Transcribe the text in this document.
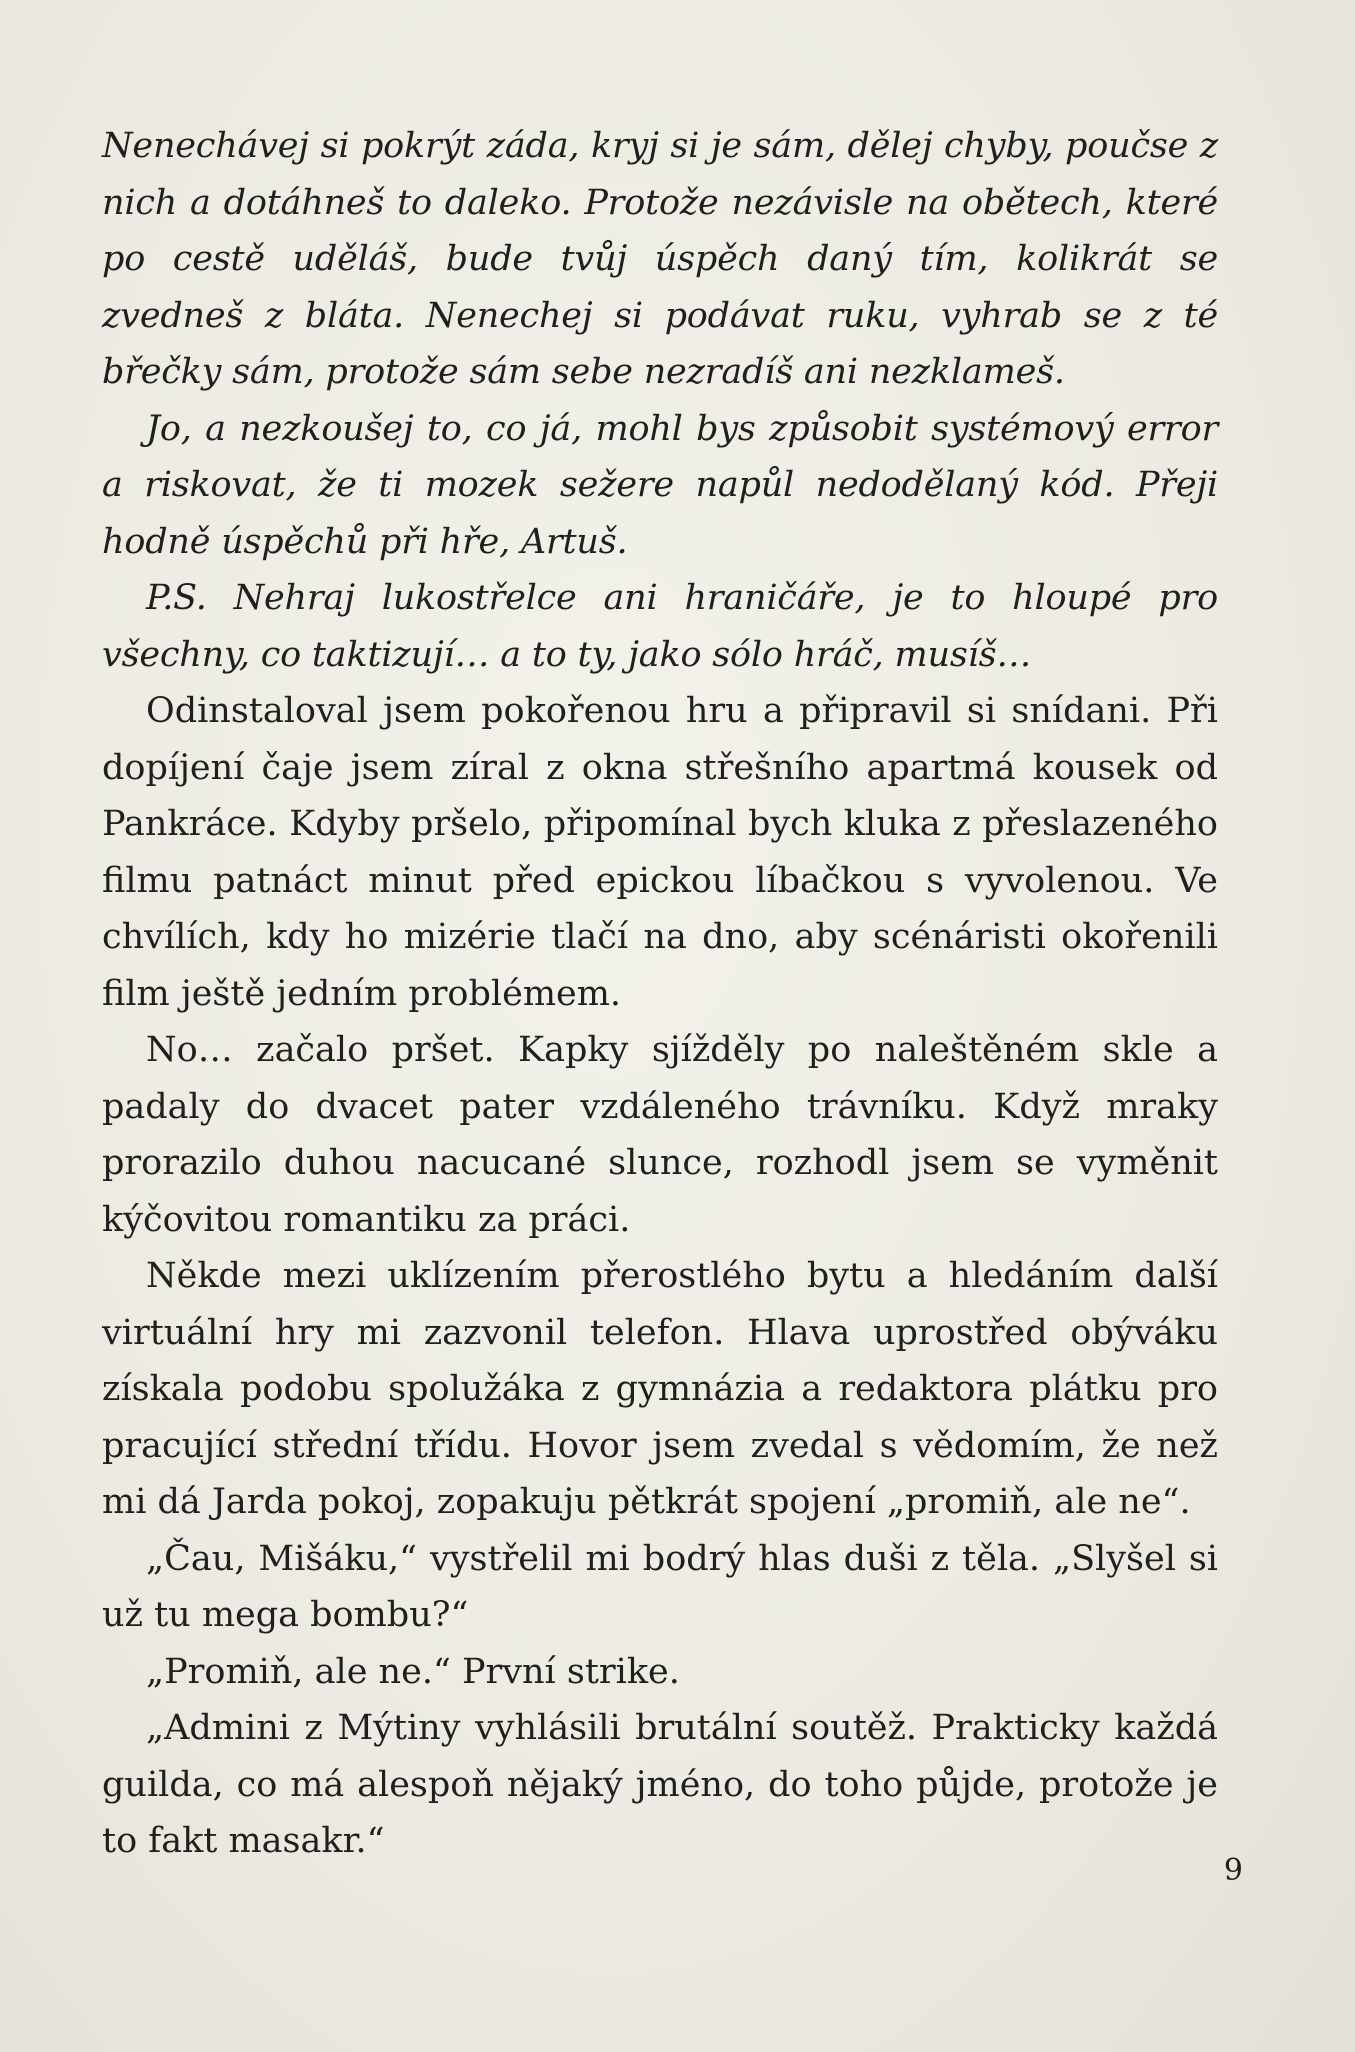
Nenechávej si pokrýt záda, kryj si je sám, dělej chyby, poučse z nich a dotáhneš to daleko. Protože nezávisle na obětech, které po cestě uděláš, bude tvůj úspěch daný tím, kolikrát se zvedneš z bláta. Nenechej si podávat ruku, vyhrab se z té břečky sám, protože sám sebe nezradíš ani nezklameš.

Jo, a nezkoušej to, co já, mohl bys způsobit systémový error a riskovat, že ti mozek sežere napůl nedodělaný kód. Přeji hodně úspěchů při hře, Artuš.

P.S. Nehraj lukostřelce ani hraničáře, je to hloupé pro všechny, co taktizují… a to ty, jako sólo hráč, musíš…

Odinstaloval jsem pokořenou hru a připravil si snídani. Při dopíjení čaje jsem zíral z okna střešního apartmá kousek od Pankráce. Kdyby pršelo, připomínal bych kluka z přeslazeného filmu patnáct minut před epickou líbačkou s vyvolenou. Ve chvílích, kdy ho mizérie tlačí na dno, aby scénáristi okořenili film ještě jedním problémem.

No… začalo pršet. Kapky sjížděly po naleštěném skle a padaly do dvacet pater vzdáleného trávníku. Když mraky prorazilo duhou nacucané slunce, rozhodl jsem se vyměnit kýčovitou romantiku za práci.

Někde mezi uklízením přerostlého bytu a hledáním další virtuální hry mi zazvonil telefon. Hlava uprostřed obýváku získala podobu spolužáka z gymnázia a redaktora plátku pro pracující střední třídu. Hovor jsem zvedal s vědomím, že než mi dá Jarda pokoj, zopakuju pětkrát spojení „promiň, ale ne“.

„Čau, Mišáku,“ vystřelil mi bodrý hlas duši z těla. „Slyšel si už tu mega bombu?“

„Promiň, ale ne.“ První strike.

„Admini z Mýtiny vyhlásili brutální soutěž. Prakticky každá guilda, co má alespoň nějaký jméno, do toho půjde, protože je to fakt masakr.“

9
